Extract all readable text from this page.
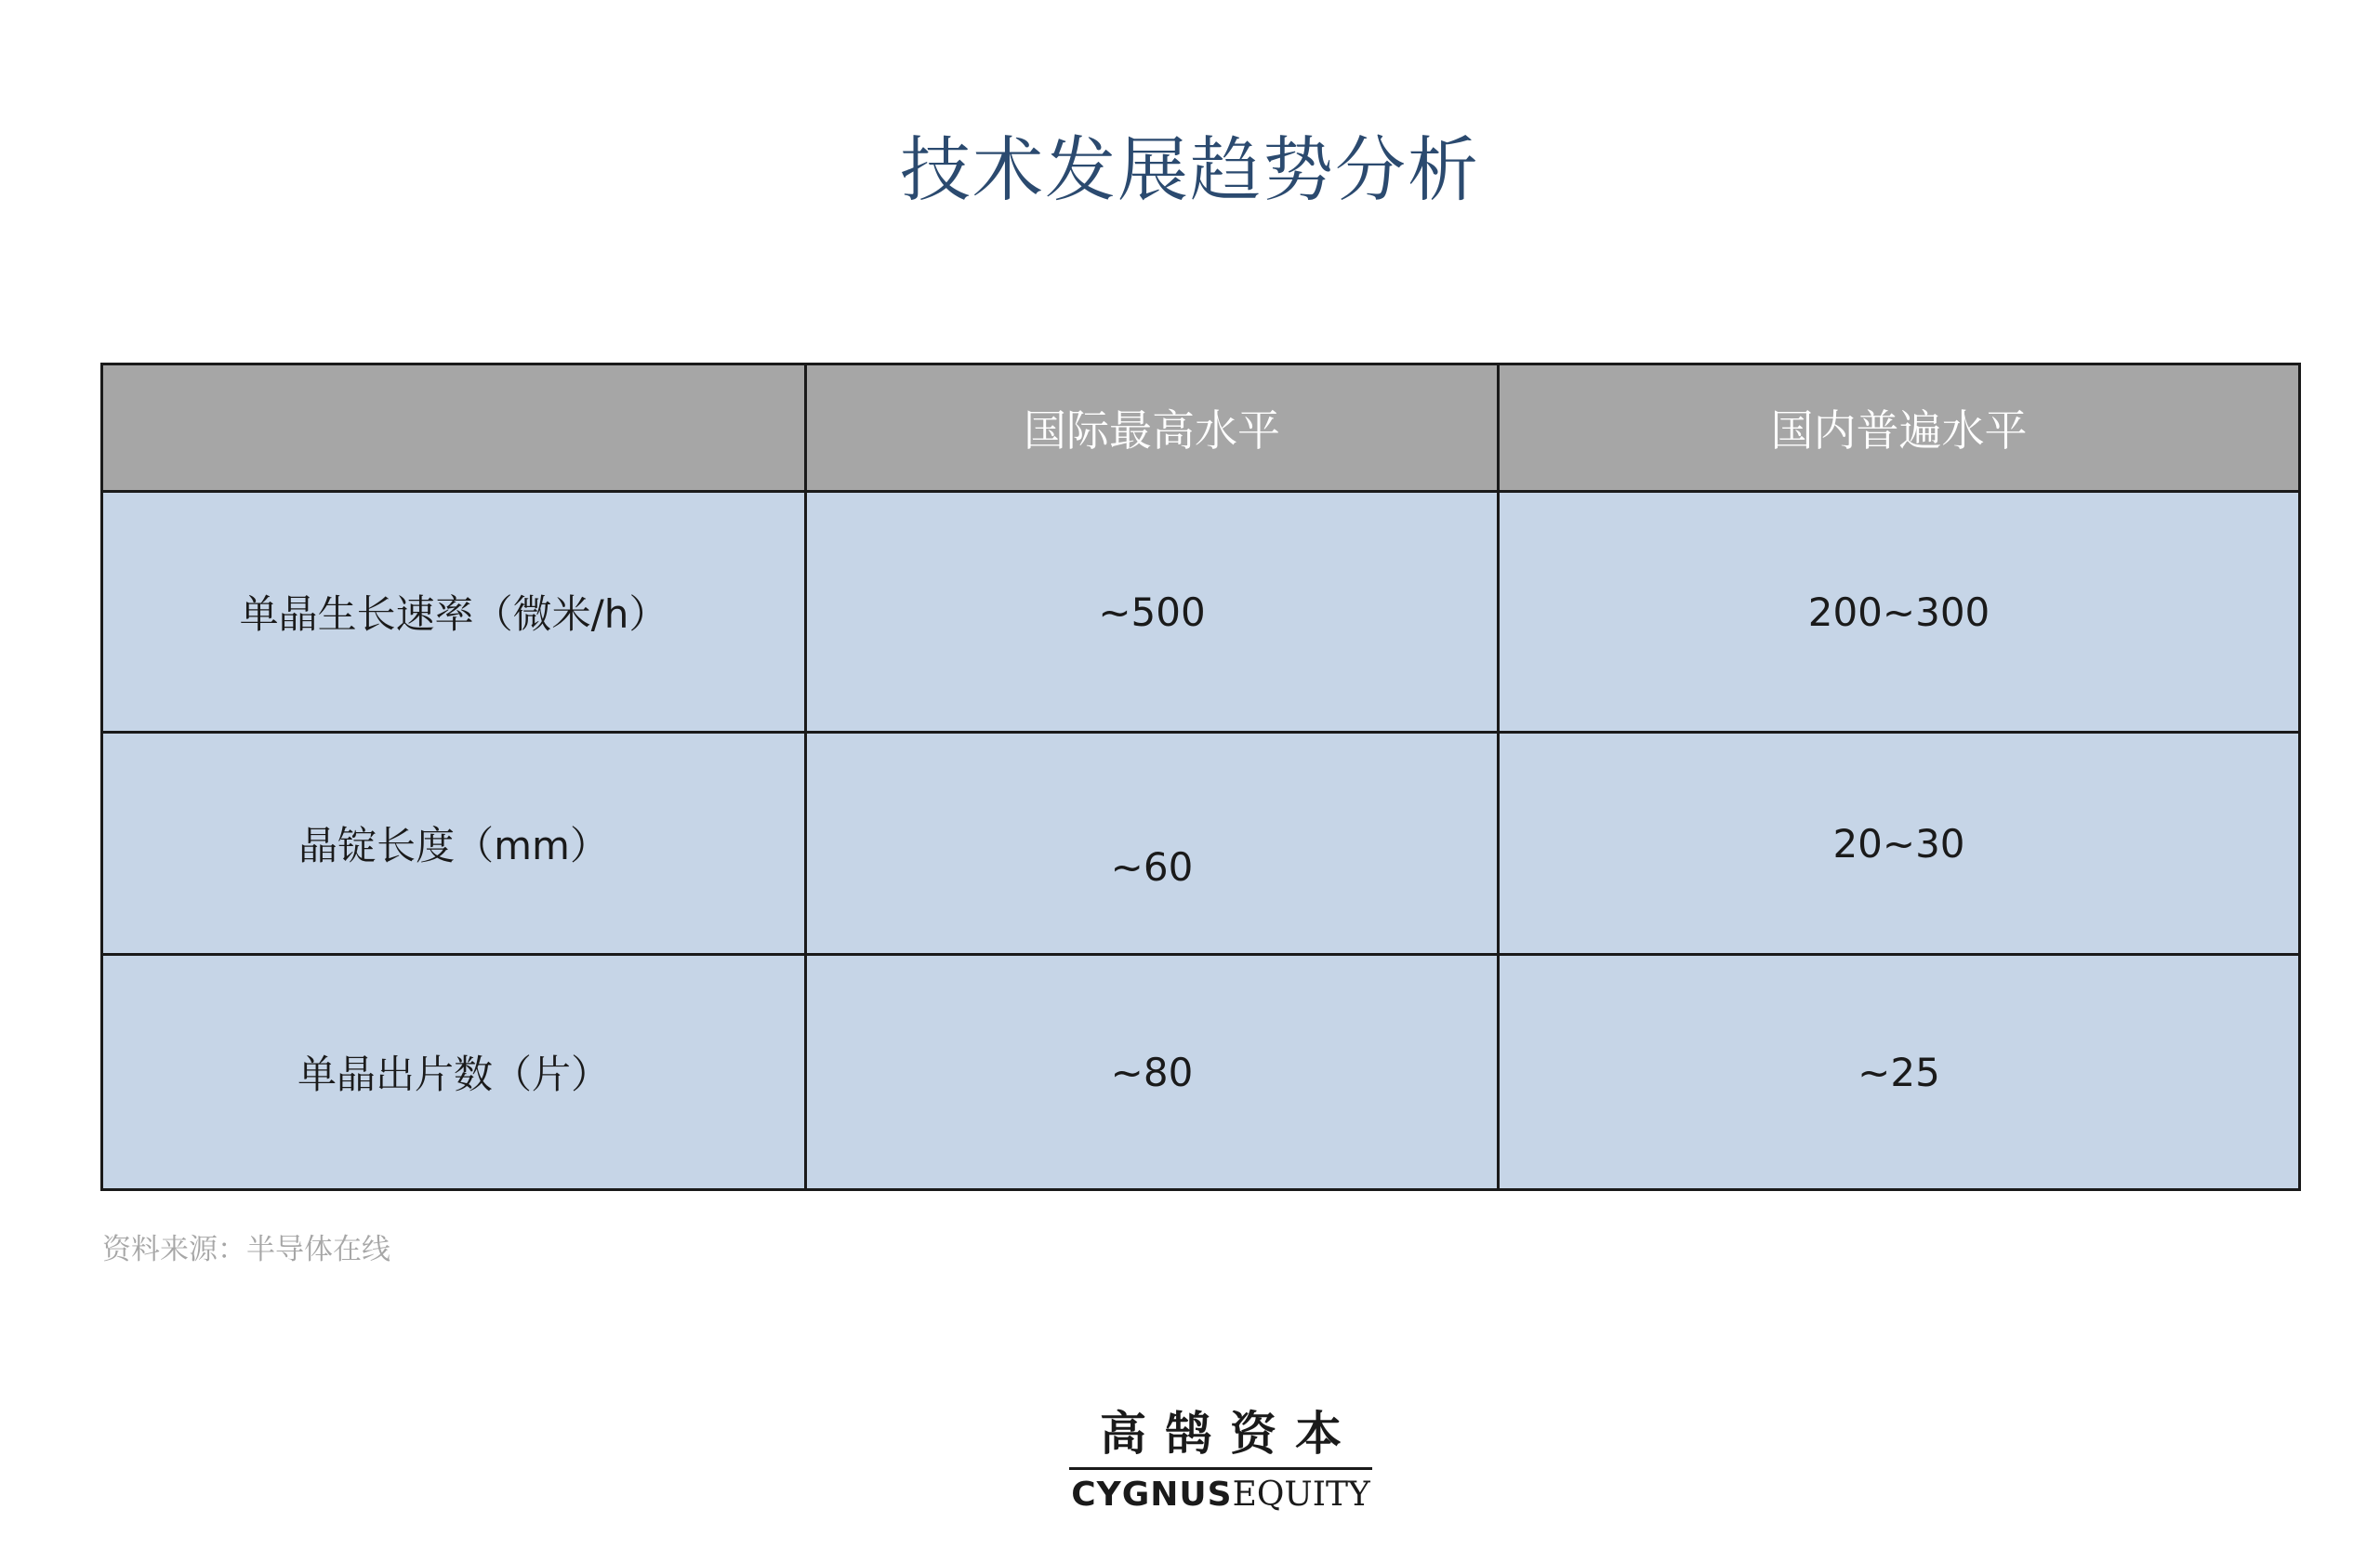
技术发展趋势分析
	国际最高水平	国内普遍水平
单晶生长速率（微米/h）	~500	200~300
晶锭长度（mm）	~60	20~30
单晶出片数（片）	~80	~25
资料来源：半导体在线
高鹄资本
CYGNUSEQUITY
